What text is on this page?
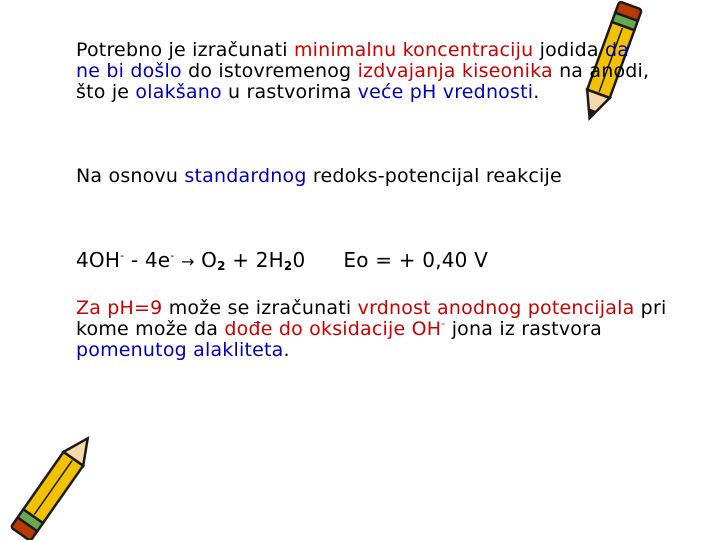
Potrebno je izračunati minimalnu koncentraciju jodida da ne bi došlo do istovremenog izdvajanja kiseonika na anodi, što je olakšano u rastvorima veće pH vrednosti.

Na osnovu standardnog redoks-potencijal reakcije

$4OH^- - 4e^- \to O_2 + 2H_20$ Eo = + 0,40 V

Za pH=9 može se izračunati vrdnost anodnog potencijala pri kome može da dođe do oksidacije OH- jona iz rastvora pomenutog alakliteta.
